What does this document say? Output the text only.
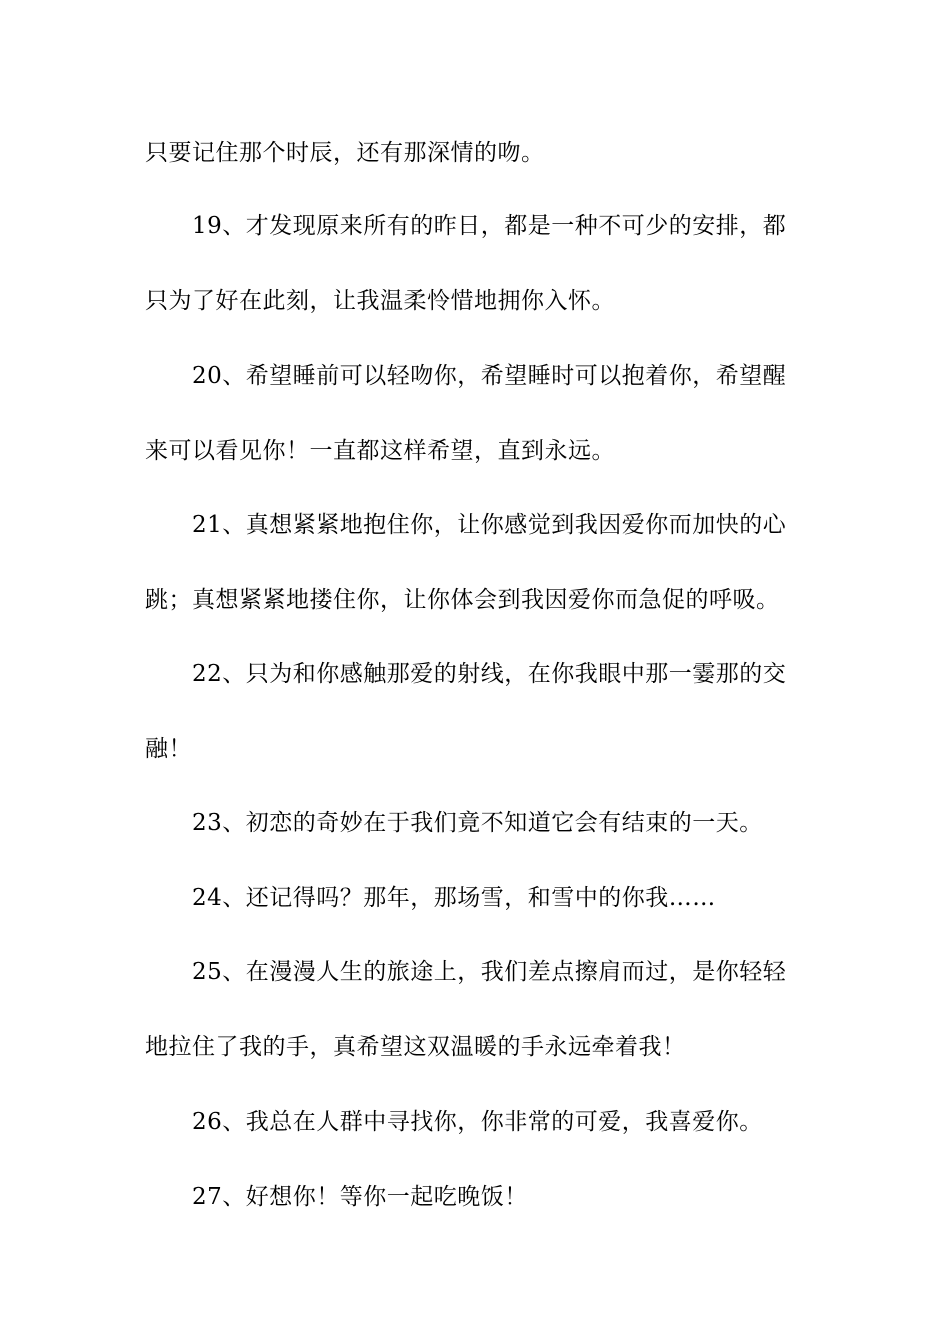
只要记住那个时辰，还有那深情的吻。
19、才发现原来所有的昨日，都是一种不可少的安排，都
只为了好在此刻，让我温柔怜惜地拥你入怀。
20、希望睡前可以轻吻你，希望睡时可以抱着你，希望醒
来可以看见你！一直都这样希望，直到永远。
21、真想紧紧地抱住你，让你感觉到我因爱你而加快的心
跳；真想紧紧地搂住你，让你体会到我因爱你而急促的呼吸。
22、只为和你感触那爱的射线，在你我眼中那一霎那的交
融！
23、初恋的奇妙在于我们竟不知道它会有结束的一天。
24、还记得吗？那年，那场雪，和雪中的你我……
25、在漫漫人生的旅途上，我们差点擦肩而过，是你轻轻
地拉住了我的手，真希望这双温暖的手永远牵着我！
26、我总在人群中寻找你，你非常的可爱，我喜爱你。
27、好想你！等你一起吃晚饭！
